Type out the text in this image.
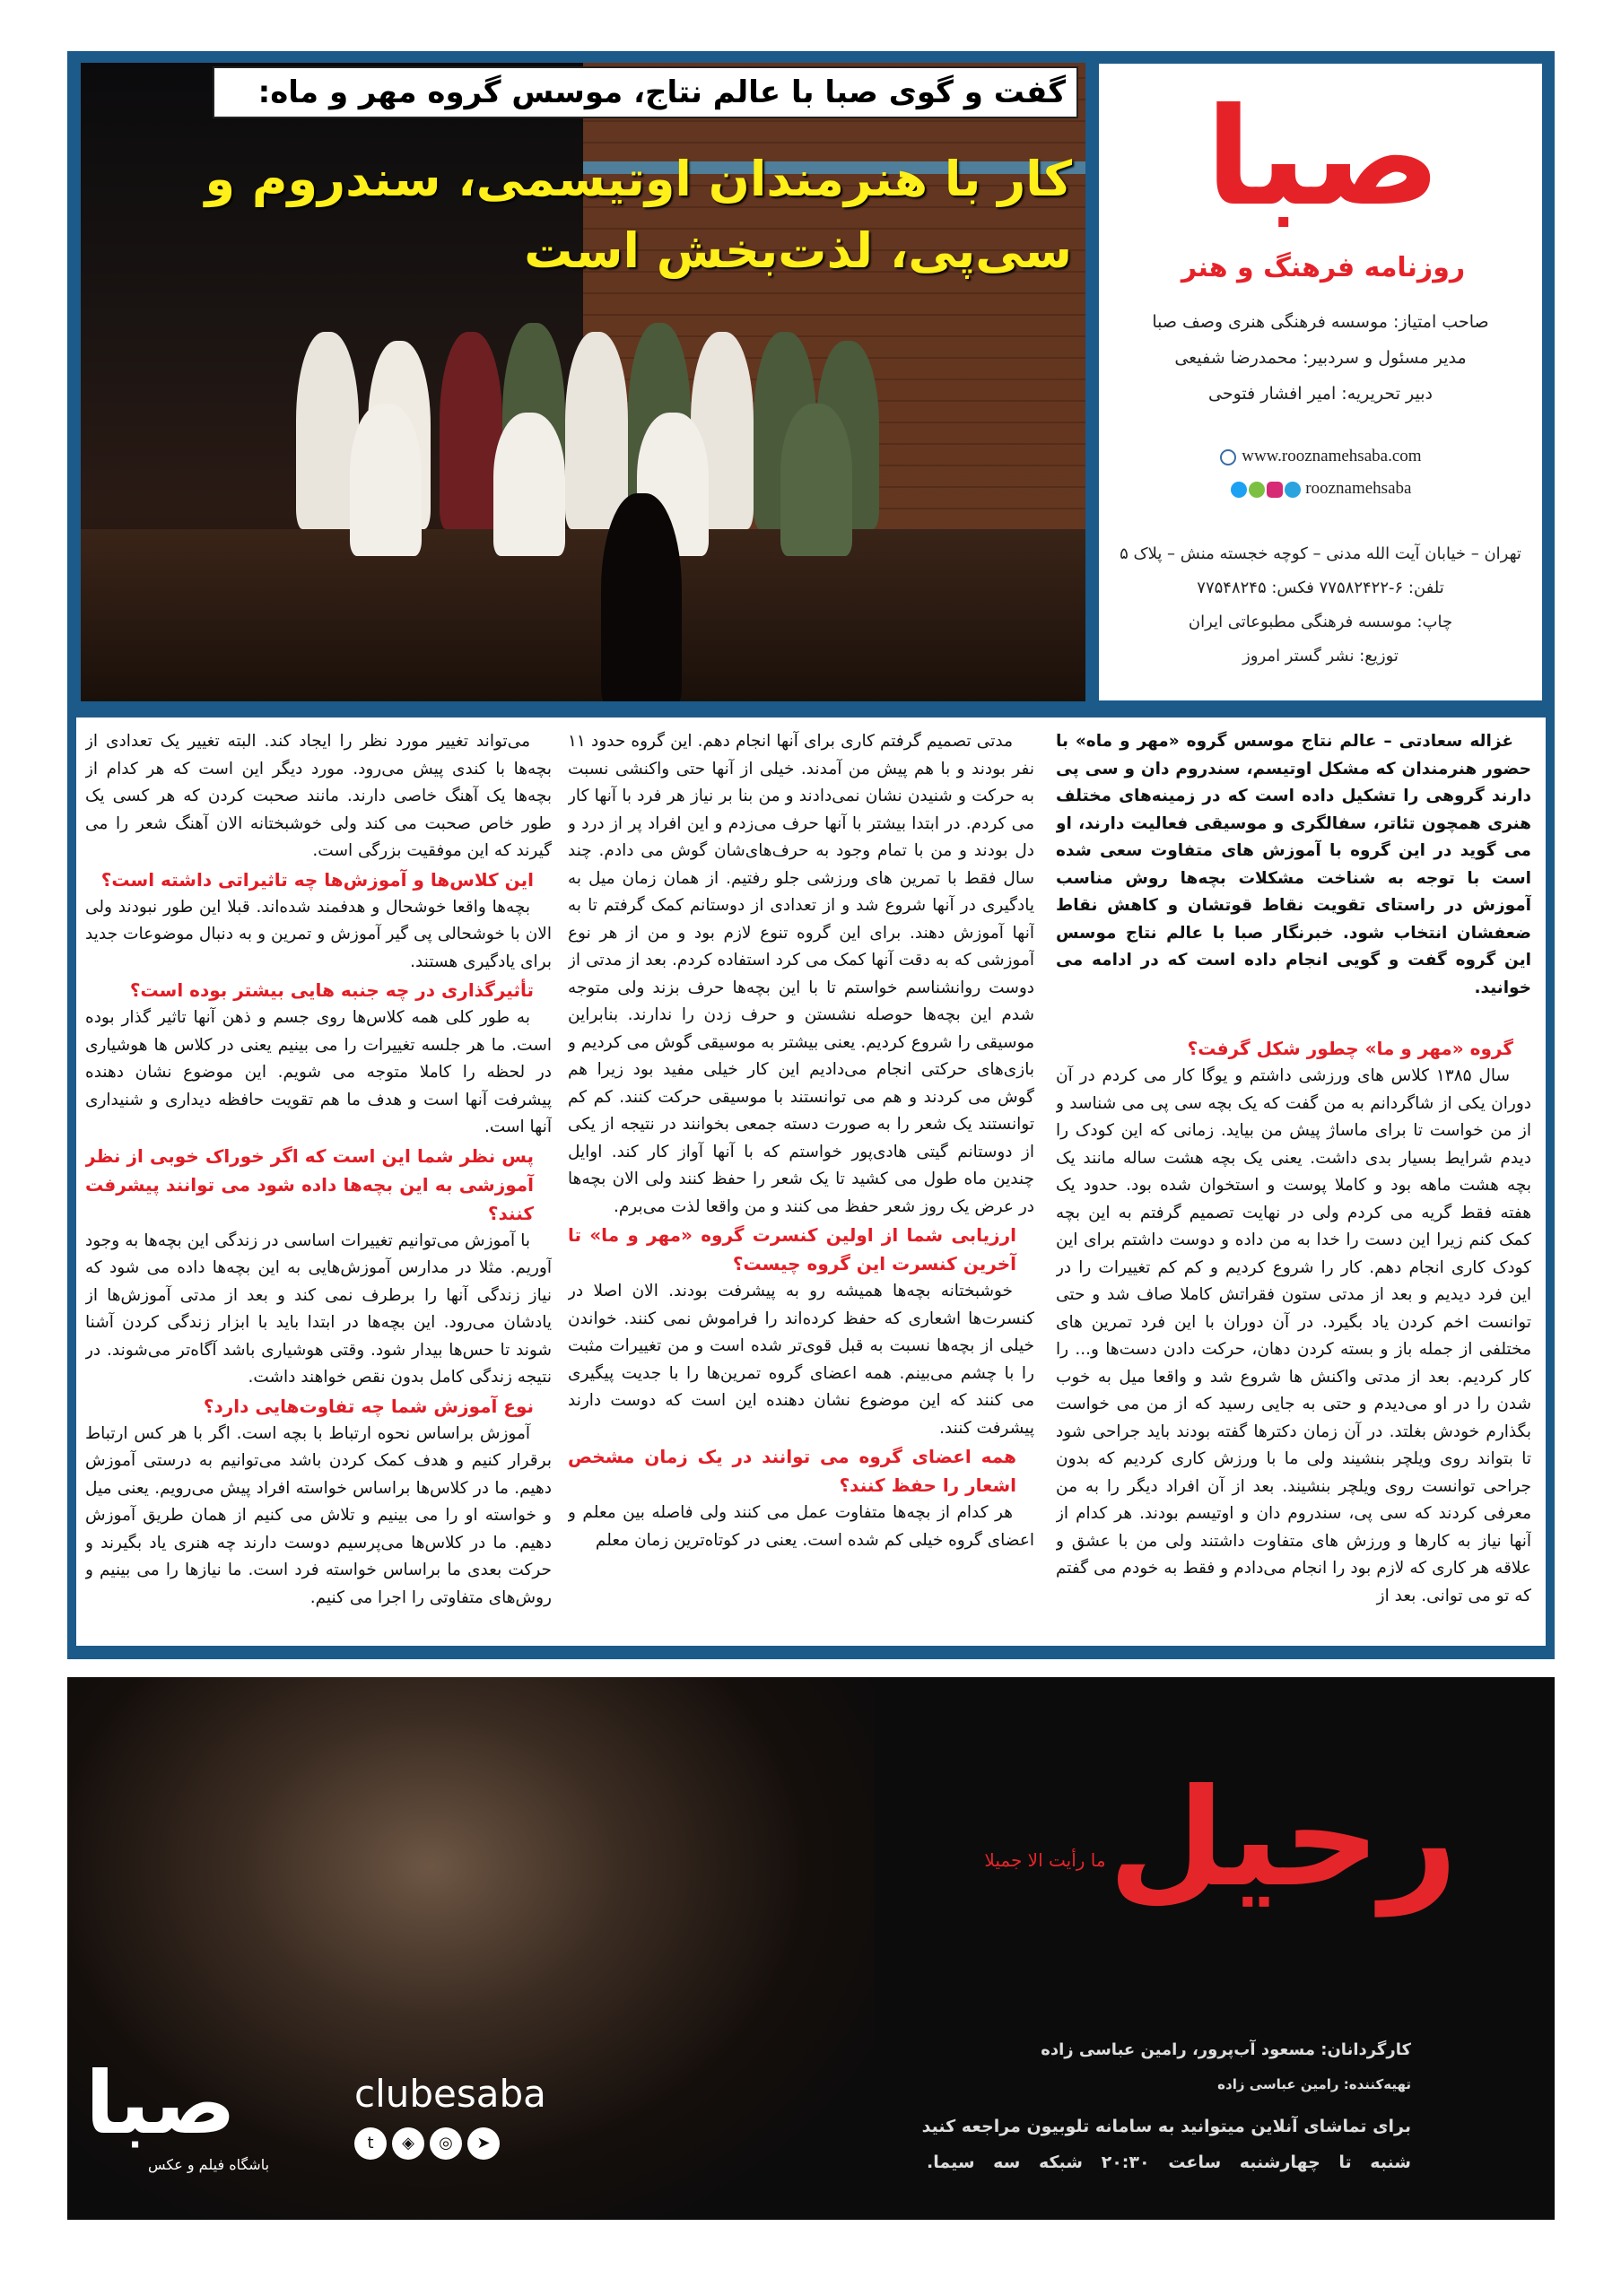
گفت و گوی صبا با عالم نتاج، موسس گروه مهر و ماه:
کار با هنرمندان اوتیسمی، سندروم و سی‌پی، لذت‌بخش است
صبا
روزنامه فرهنگ و هنر
صاحب امتیاز: موسسه فرهنگی هنری وصف صبا
مدیر مسئول و سردبیر: محمدرضا شفیعی
دبیر تحریریه: امیر افشار فتوحی
www.rooznamehsaba.com
rooznamehsaba
تهران – خیابان آیت الله مدنی – کوچه خجسته منش – پلاک ۵
تلفن: ۶-۷۷۵۸۲۴۲۲ فکس: ۷۷۵۴۸۲۴۵
چاپ: موسسه فرهنگی مطبوعاتی ایران
توزیع: نشر گستر امروز

غزاله سعادتی – عالم نتاج موسس گروه «مهر و ماه» با حضور هنرمندان که مشکل اوتیسم، سندروم دان و سی پی دارند گروهی را تشکیل داده است که در زمینه‌های مختلف هنری همچون تئاتر، سفالگری و موسیقی فعالیت دارند، او می گوید در این گروه با آموزش های متفاوت سعی شده است با توجه به شناخت مشکلات بچه‌ها روش مناسب آموزش در راستای تقویت نقاط قوتشان و کاهش نقاط ضعفشان انتخاب شود. خبرنگار صبا با عالم نتاج موسس این گروه گفت و گویی انجام داده است که در ادامه می خوانید.

گروه «مهر و ما» چطور شکل گرفت؟

سال ۱۳۸۵ کلاس های ورزشی داشتم و یوگا کار می کردم در آن دوران یکی از شاگردانم به من گفت که یک بچه سی پی می شناسد و از من خواست تا برای ماساژ پیش من بیاید. زمانی که این کودک را دیدم شرایط بسیار بدی داشت. یعنی یک بچه هشت ساله مانند یک بچه هشت ماهه بود و کاملا پوست و استخوان شده بود. حدود یک هفته فقط گریه می کردم ولی در نهایت تصمیم گرفتم به این بچه کمک کنم زیرا این دست را خدا به من داده و دوست داشتم برای این کودک کاری انجام دهم. کار را شروع کردیم و کم کم تغییرات را در این فرد دیدیم و بعد از مدتی ستون فقراتش کاملا صاف شد و حتی توانست اخم کردن یاد بگیرد. در آن دوران با این فرد تمرین های مختلفی از جمله باز و بسته کردن دهان، حرکت دادن دست‌ها و... را کار کردیم. بعد از مدتی واکنش ها شروع شد و واقعا میل به خوب شدن را در او می‌دیدم و حتی به جایی رسید که از من می خواست بگذارم خودش بغلتد. در آن زمان دکترها گفته بودند باید جراحی شود تا بتواند روی ویلچر بنشیند ولی ما با ورزش کاری کردیم که بدون جراحی توانست روی ویلچر بنشیند. بعد از آن افراد دیگر را به من معرفی کردند که سی پی، سندروم دان و اوتیسم بودند. هر کدام از آنها نیاز به کارها و ورزش های متفاوت داشتند ولی من با عشق و علاقه هر کاری که لازم بود را انجام می‌دادم و فقط به خودم می گفتم که تو می توانی. بعد از

مدتی تصمیم گرفتم کاری برای آنها انجام دهم. این گروه حدود ۱۱ نفر بودند و با هم پیش من آمدند. خیلی از آنها حتی واکنشی نسبت به حرکت و شنیدن نشان نمی‌دادند و من بنا بر نیاز هر فرد با آنها کار می کردم. در ابتدا بیشتر با آنها حرف می‌زدم و این افراد پر از درد و دل بودند و من با تمام وجود به حرف‌های‌شان گوش می دادم. چند سال فقط با تمرین های ورزشی جلو رفتیم. از همان زمان میل به یادگیری در آنها شروع شد و از تعدادی از دوستانم کمک گرفتم تا به آنها آموزش دهند. برای این گروه تنوع لازم بود و من از هر نوع آموزشی که به دقت آنها کمک می کرد استفاده کردم. بعد از مدتی از دوست روانشناسم خواستم تا با این بچه‌ها حرف بزند ولی متوجه شدم این بچه‌ها حوصله نشستن و حرف زدن را ندارند. بنابراین موسیقی را شروع کردیم. یعنی بیشتر به موسیقی گوش می کردیم و بازی‌های حرکتی انجام می‌دادیم این کار خیلی مفید بود زیرا هم گوش می کردند و هم می توانستند با موسیقی حرکت کنند. کم کم توانستند یک شعر را به صورت دسته جمعی بخوانند در نتیجه از یکی از دوستانم گیتی هادی‌پور خواستم که با آنها آواز کار کند. اوایل چندین ماه طول می کشید تا یک شعر را حفظ کنند ولی الان بچه‌ها در عرض یک روز شعر حفظ می کنند و من واقعا لذت می‌برم.

ارزیابی شما از اولین کنسرت گروه «مهر و ما» تا آخرین کنسرت این گروه چیست؟

خوشبختانه بچه‌ها همیشه رو به پیشرفت بودند. الان اصلا در کنسرت‌ها اشعاری که حفظ کرده‌اند را فراموش نمی کنند. خواندن خیلی از بچه‌ها نسبت به قبل قوی‌تر شده است و من تغییرات مثبت را با چشم می‌بینم. همه اعضای گروه تمرین‌ها را با جدیت پیگیری می کنند که این موضوع نشان دهنده این است که دوست دارند پیشرفت کنند.

همه اعضای گروه می توانند در یک زمان مشخص اشعار را حفظ کنند؟

هر کدام از بچه‌ها متفاوت عمل می کنند ولی فاصله بین معلم و اعضای گروه خیلی کم شده است. یعنی در کوتاه‌ترین زمان معلم

می‌تواند تغییر مورد نظر را ایجاد کند. البته تغییر یک تعدادی از بچه‌ها با کندی پیش می‌رود. مورد دیگر این است که هر کدام از بچه‌ها یک آهنگ خاصی دارند. مانند صحبت کردن که هر کسی یک طور خاص صحبت می کند ولی خوشبختانه الان آهنگ شعر را می گیرند که این موفقیت بزرگی است.

این کلاس‌ها و آموزش‌ها چه تاثیراتی داشته است؟

بچه‌ها واقعا خوشحال و هدفمند شده‌اند. قبلا این طور نبودند ولی الان با خوشحالی پی گیر آموزش و تمرین و به دنبال موضوعات جدید برای یادگیری هستند.

تأثیرگذاری در چه جنبه هایی بیشتر بوده است؟

به طور کلی همه کلاس‌ها روی جسم و ذهن آنها تاثیر گذار بوده است. ما هر جلسه تغییرات را می بینیم یعنی در کلاس ها هوشیاری در لحظه را کاملا متوجه می شویم. این موضوع نشان دهنده پیشرفت آنها است و هدف ما هم تقویت حافظه دیداری و شنیداری آنها است.

پس نظر شما این است که اگر خوراک خوبی از نظر آموزشی به این بچه‌ها داده شود می توانند پیشرفت کنند؟

با آموزش می‌توانیم تغییرات اساسی در زندگی این بچه‌ها به وجود آوریم. مثلا در مدارس آموزش‌هایی به این بچه‌ها داده می شود که نیاز زندگی آنها را برطرف نمی کند و بعد از مدتی آموزش‌ها از یادشان می‌رود. این بچه‌ها در ابتدا باید با ابزار زندگی کردن آشنا شوند تا حس‌ها بیدار شود. وقتی هوشیاری باشد آگاه‌تر می‌شوند. در نتیجه زندگی کامل بدون نقص خواهند داشت.

نوع آموزش شما چه تفاوت‌هایی دارد؟

آموزش براساس نحوه ارتباط با بچه است. اگر با هر کس ارتباط برقرار کنیم و هدف کمک کردن باشد می‌توانیم به درستی آموزش دهیم. ما در کلاس‌ها براساس خواسته افراد پیش می‌رویم. یعنی میل و خواسته او را می بینیم و تلاش می کنیم از همان طریق آموزش دهیم. ما در کلاس‌ها می‌پرسیم دوست دارند چه هنری یاد بگیرند و حرکت بعدی ما براساس خواسته فرد است. ما نیازها را می بینیم و روش‌های متفاوتی را اجرا می کنیم.

رحیل
ما رأیت الا جمیلا
کارگردانان: مسعود آب‌پرور، رامین عباسی زاده
تهیه‌کننده: رامین عباسی زاده
برای تماشای آنلاین میتوانید به سامانه تلوبیون مراجعه کنید
شنبه تا چهارشنبه ساعت ۲۰:۳۰ شبکه سه سیما.
صبا
باشگاه فیلم و عکس
clubesaba
t ◈ ◎ ➤
